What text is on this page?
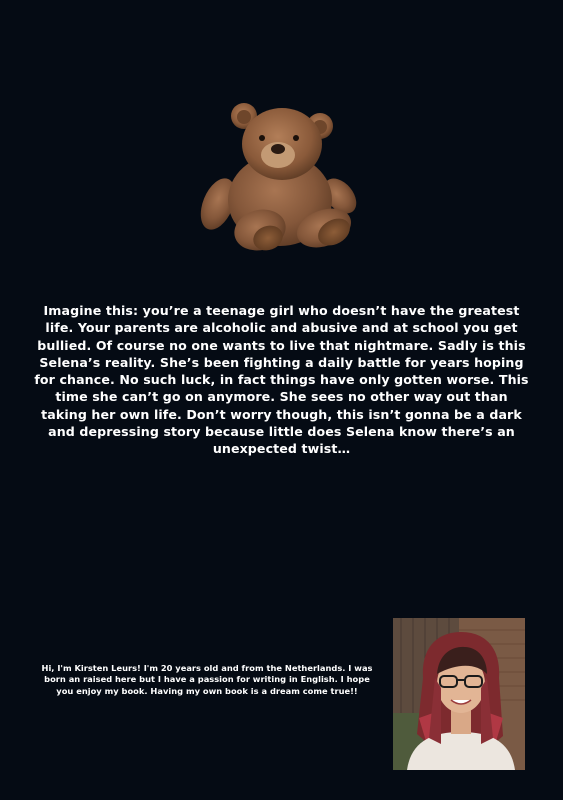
Imagine this: you’re a teenage girl who doesn’t have the greatest life. Your parents are alcoholic and abusive and at school you get bullied. Of course no one wants to live that nightmare. Sadly is this Selena’s reality. She’s been fighting a daily battle for years hoping for chance. No such luck, in fact things have only gotten worse. This time she can’t go on anymore. She sees no other way out than taking her own life. Don’t worry though, this isn’t gonna be a dark and depressing story because little does Selena know there’s an unexpected twist…

Hi, I'm Kirsten Leurs! I'm 20 years old and from the Netherlands. I was born an raised here but I have a passion for writing in English. I hope you enjoy my book. Having my own book is a dream come true!!
